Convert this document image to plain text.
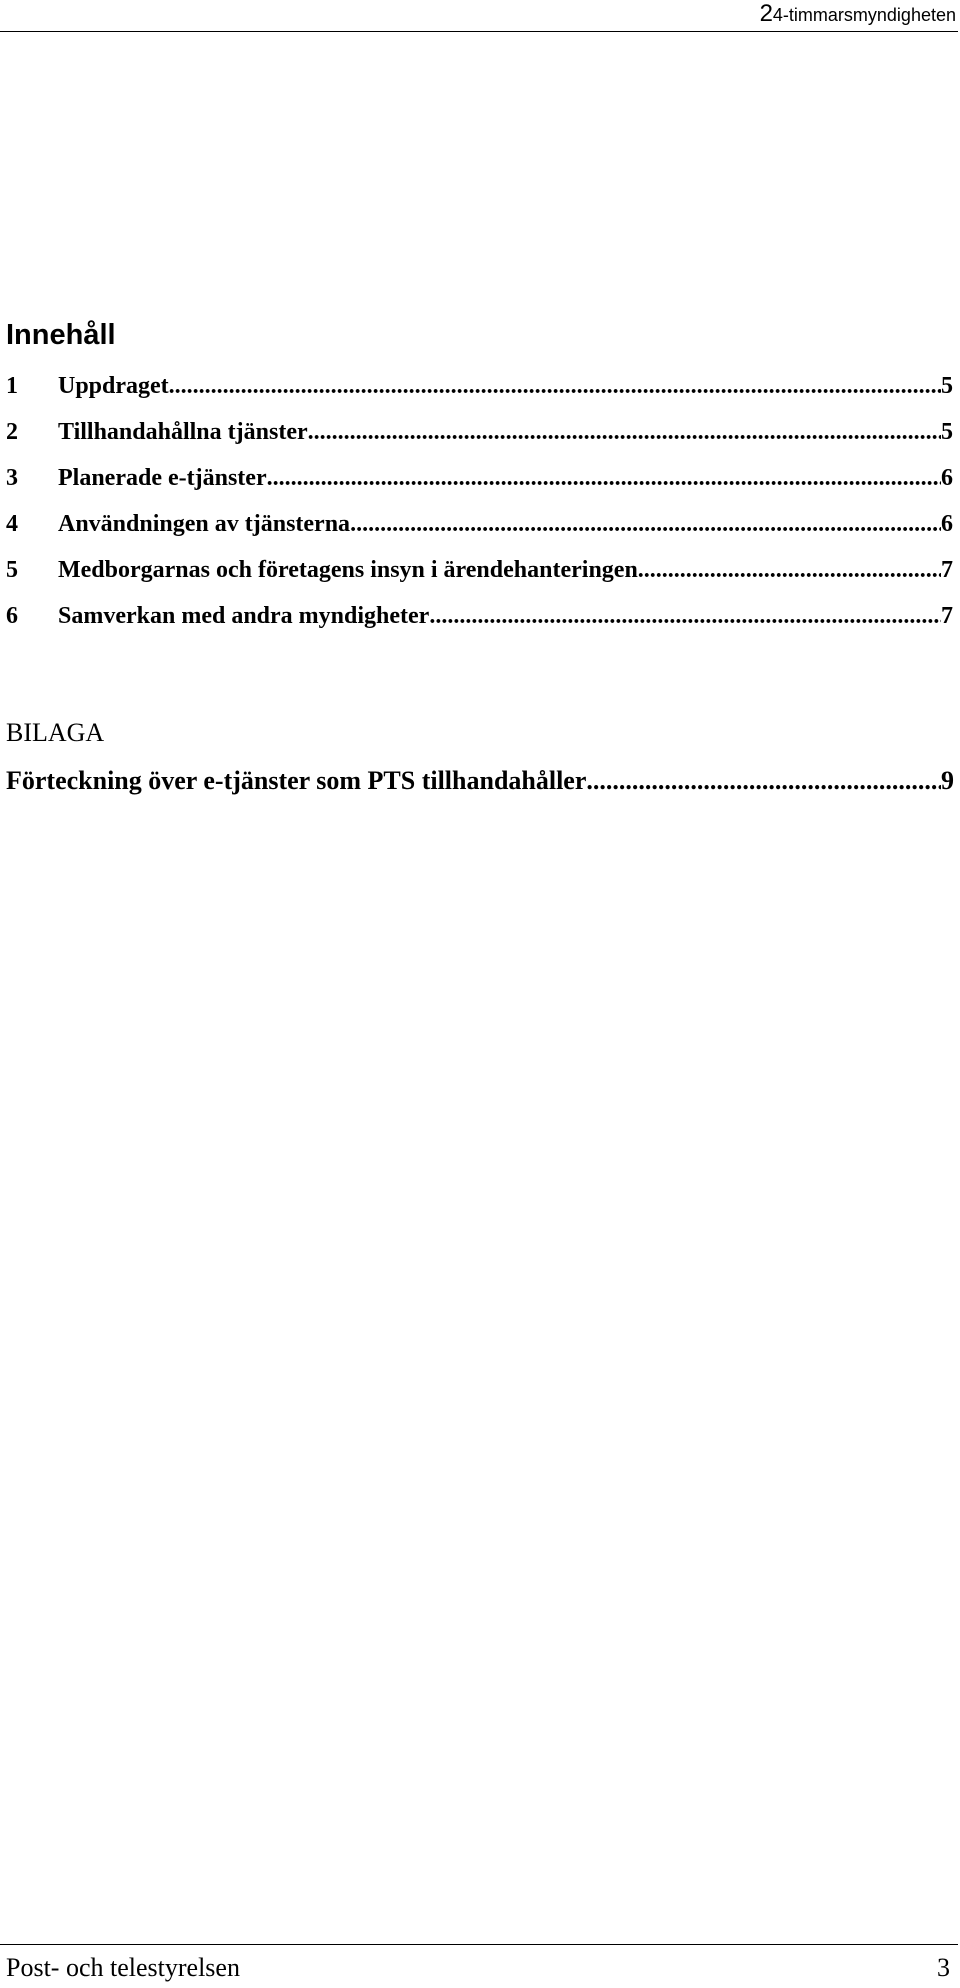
24-timmarsmyndigheten
Innehåll
1	Uppdraget .....	5
2	Tillhandahållna tjänster .....	5
3	Planerade e-tjänster .....	6
4	Användningen av tjänsterna .....	6
5	Medborgarnas och företagens insyn i ärendehanteringen .....	7
6	Samverkan med andra myndigheter .....	7
BILAGA
Förteckning över e-tjänster som PTS tillhandahåller .....	9
Post- och telestyrelsen	3
